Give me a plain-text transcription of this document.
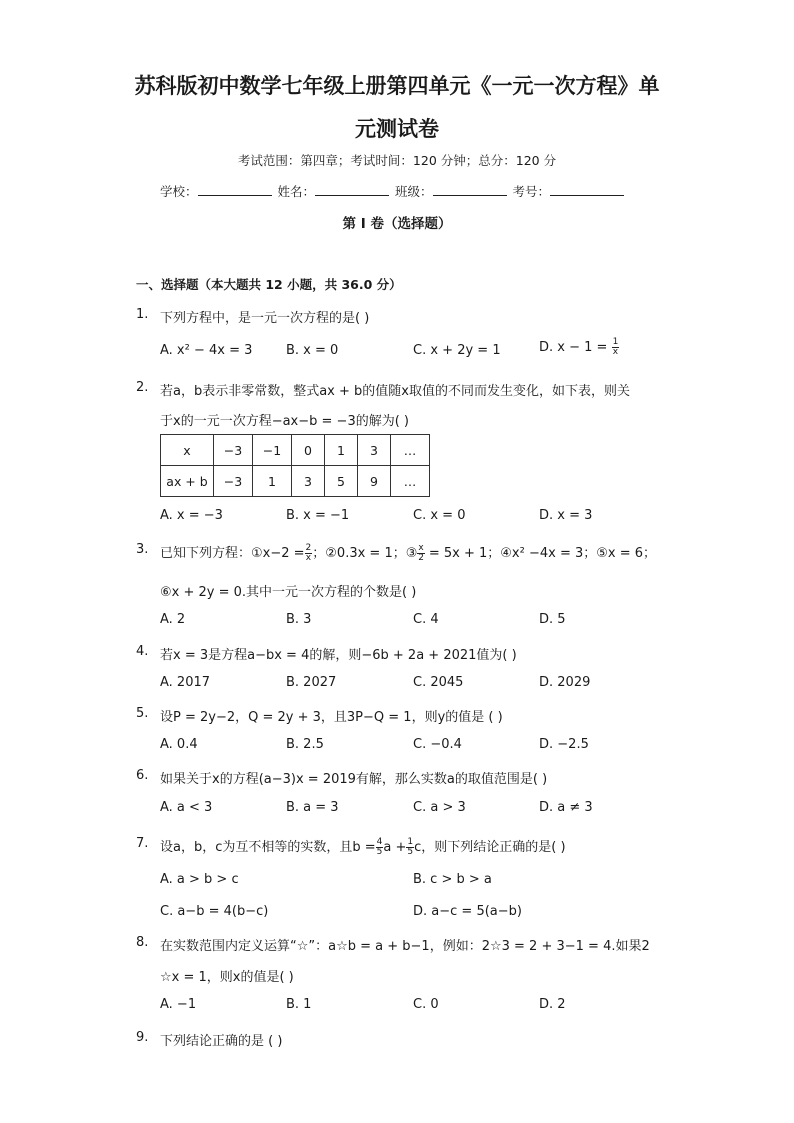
苏科版初中数学七年级上册第四单元《一元一次方程》单
元测试卷
考试范围：第四章；考试时间：120 分钟；总分：120 分
学校：	姓名：	班级：	考号：
第 I 卷（选择题）
一、选择题（本大题共 12 小题，共 36.0 分）
1. 下列方程中，是一元一次方程的是( )
A. x² − 4x = 3	B. x = 0	C. x + 2y = 1	D. $x - 1 = \frac{1}{x}$
2. 若a，b表示非零常数，整式ax + b的值随x取值的不同而发生变化，如下表，则关
于x的一元一次方程−ax−b = −3的解为( )
x	−3	−1	0	1	3	…
ax + b	−3	1	3	5	9	…
A. x = −3	B. x = −1	C. x = 0	D. x = 3
3. 已知下列方程：①x−2 = $\frac{2}{x}$ ；②0.3x = 1；③ $\frac{x}{2} = 5x + 1$；④x² −4x = 3；⑤x = 6；
⑥x + 2y = 0.其中一元一次方程的个数是( )
A. 2	B. 3	C. 4	D. 5
4. 若x = 3是方程a−bx = 4的解，则−6b + 2a + 2021值为( )
A. 2017	B. 2027	C. 2045	D. 2029
5. 设P = 2y−2，Q = 2y + 3，且3P−Q = 1，则y的值是 ( )
A. 0.4	B. 2.5	C. −0.4	D. −2.5
6. 如果关于x的方程(a−3)x = 2019有解，那么实数a的取值范围是( )
A. a < 3	B. a = 3	C. a > 3	D. a ≠ 3
7. 设a，b，c为互不相等的实数，且$b = \frac{4}{5}$ $a + \frac{1}{5}$ c，则下列结论正确的是( )
A. a > b > c	B. c > b > a
C. a−b = 4(b−c)	D. a−c = 5(a−b)
8. 在实数范围内定义运算“☆”：a☆b = a + b−1，例如：2☆3 = 2 + 3−1 = 4.如果2
☆x = 1，则x的值是( )
A. −1	B. 1	C. 0	D. 2
9. 下列结论正确的是 ( )
